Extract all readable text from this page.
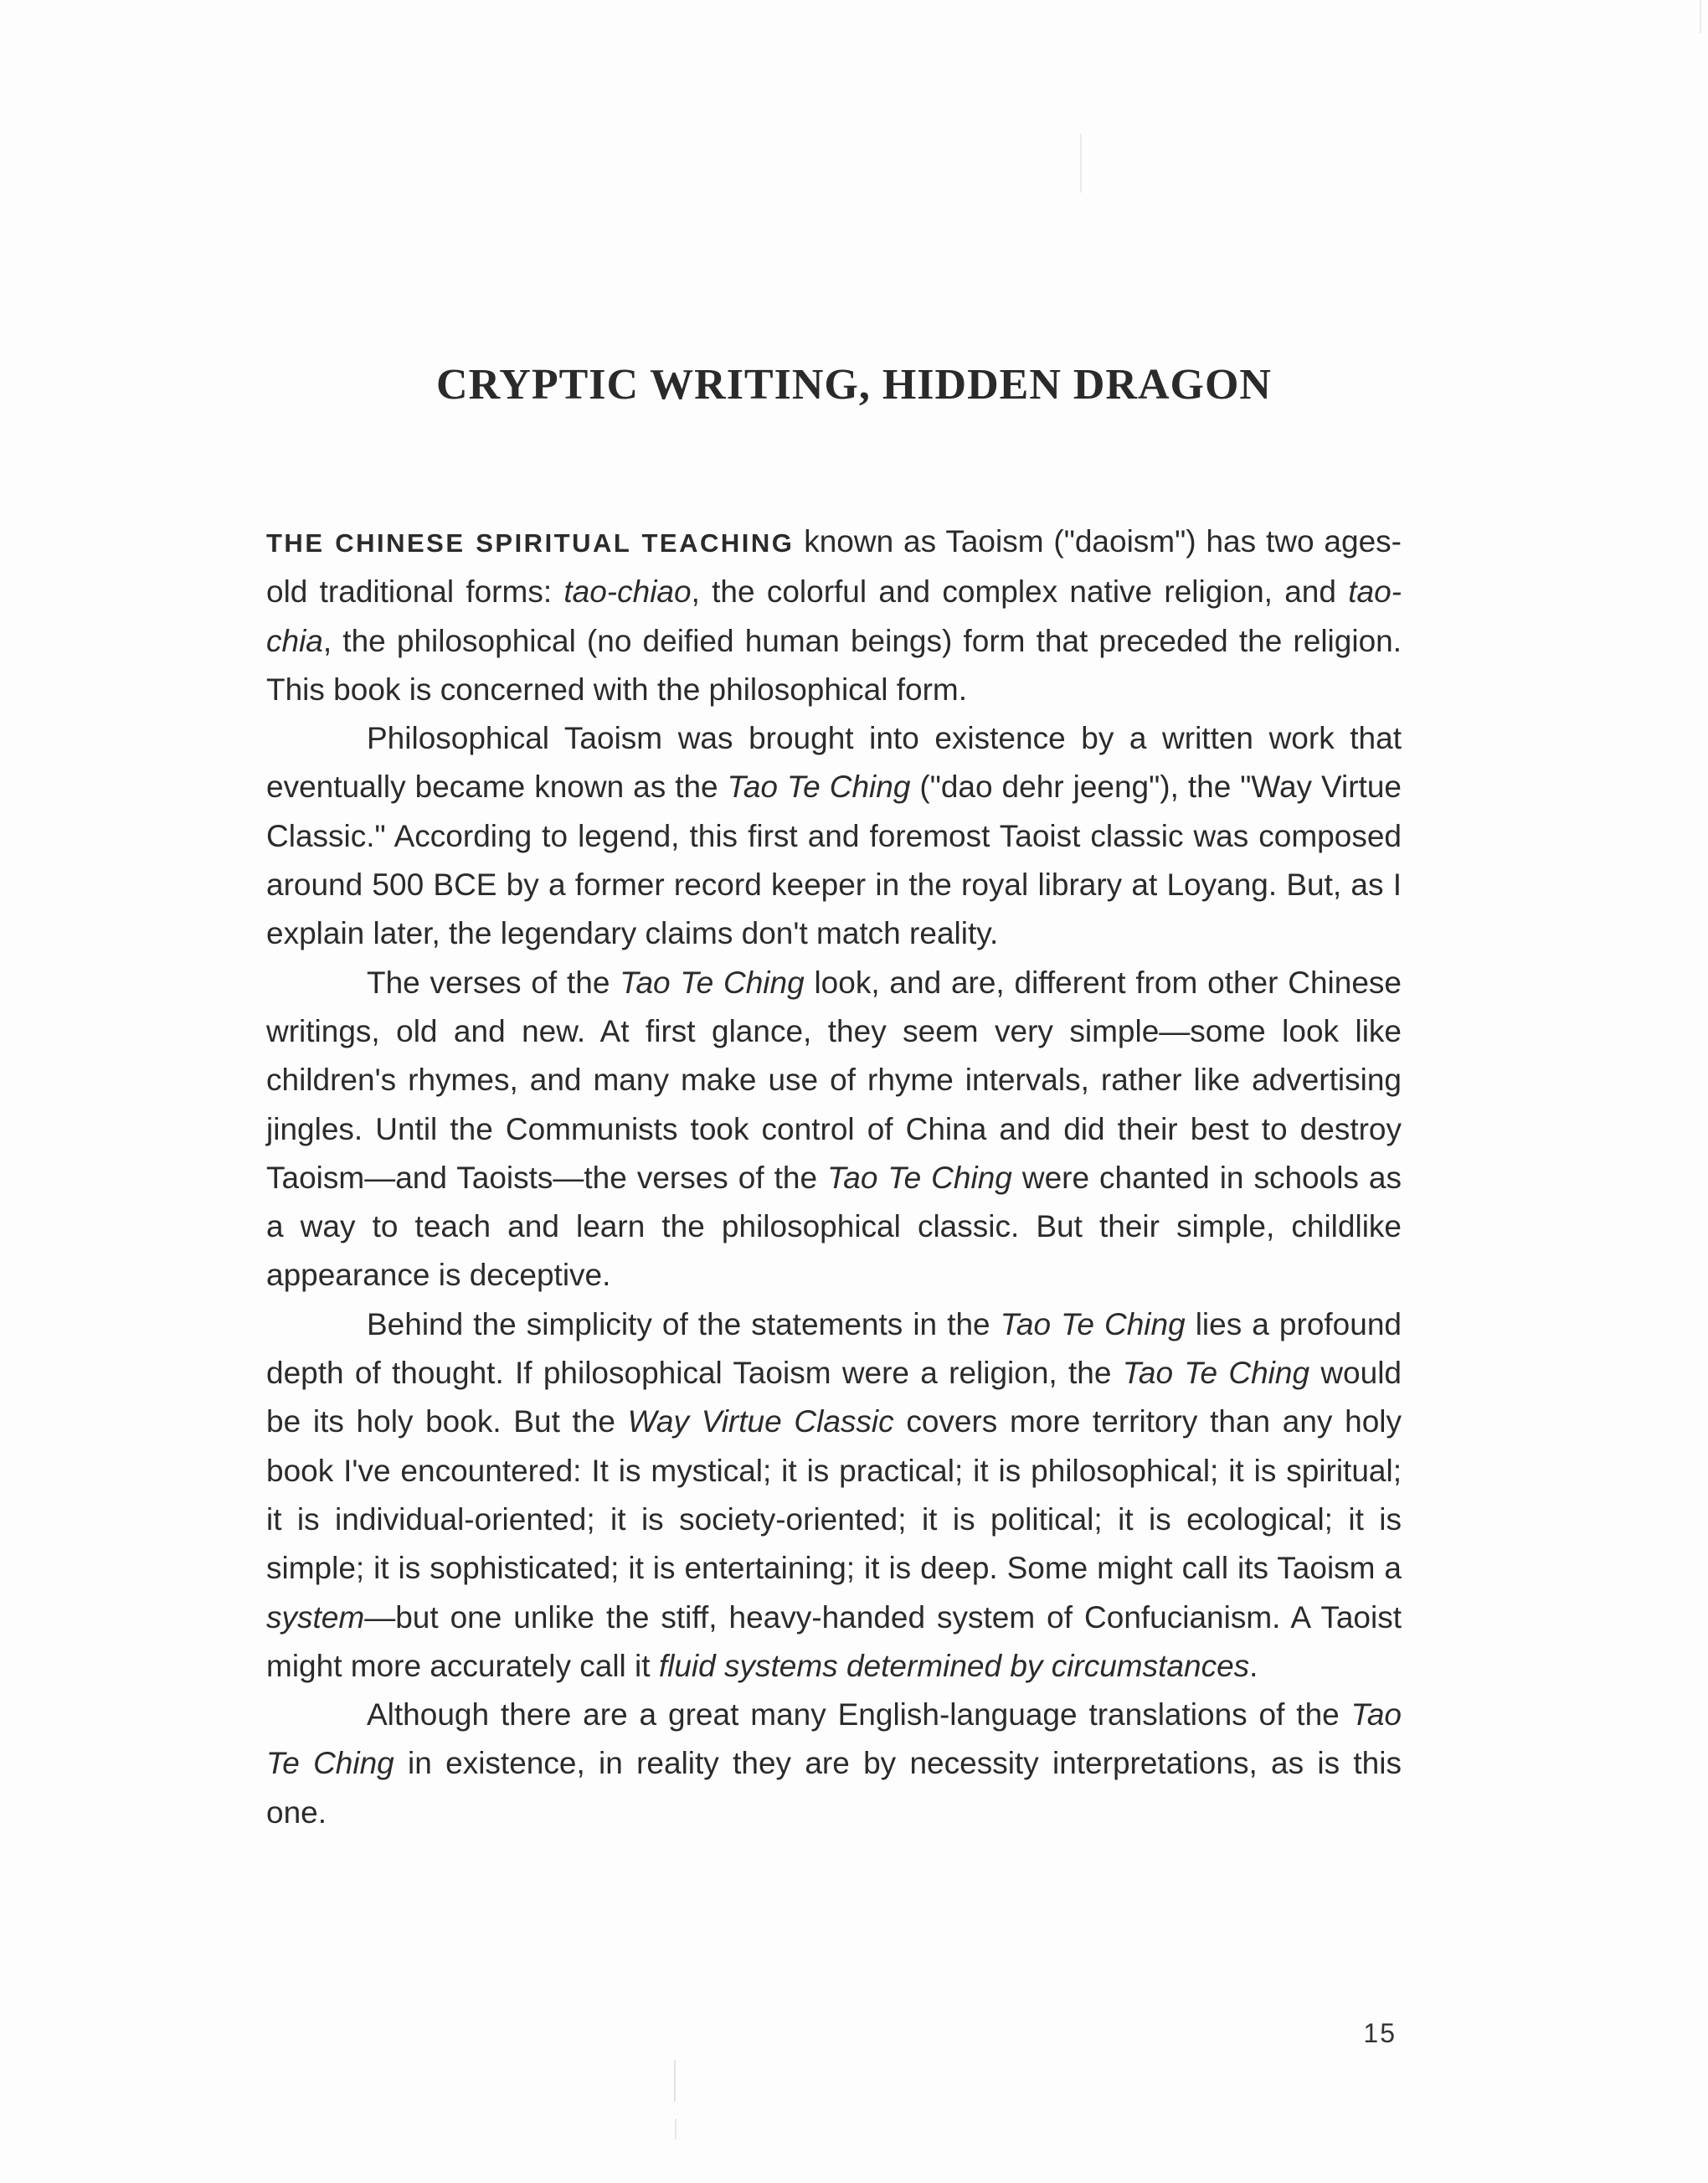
CRYPTIC WRITING, HIDDEN DRAGON

THE CHINESE SPIRITUAL TEACHING known as Taoism ("daoism") has two ages-old traditional forms: tao-chiao, the colorful and complex native religion, and tao-chia, the philosophical (no deified human beings) form that preceded the religion. This book is concerned with the philosophical form.

Philosophical Taoism was brought into existence by a written work that eventually became known as the Tao Te Ching ("dao dehr jeeng"), the "Way Virtue Classic." According to legend, this first and foremost Taoist classic was composed around 500 BCE by a former record keeper in the royal library at Loyang. But, as I explain later, the legendary claims don't match reality.

The verses of the Tao Te Ching look, and are, different from other Chinese writings, old and new. At first glance, they seem very simple—some look like children's rhymes, and many make use of rhyme intervals, rather like advertising jingles. Until the Communists took control of China and did their best to destroy Taoism—and Taoists—the verses of the Tao Te Ching were chanted in schools as a way to teach and learn the philosophical classic. But their simple, childlike appearance is deceptive.

Behind the simplicity of the statements in the Tao Te Ching lies a profound depth of thought. If philosophical Taoism were a religion, the Tao Te Ching would be its holy book. But the Way Virtue Classic covers more territory than any holy book I've encountered: It is mystical; it is practical; it is philosophical; it is spiritual; it is individual-oriented; it is society-oriented; it is political; it is ecological; it is simple; it is sophisticated; it is entertaining; it is deep. Some might call its Taoism a system—but one unlike the stiff, heavy-handed system of Confucianism. A Taoist might more accurately call it fluid systems determined by circumstances.

Although there are a great many English-language translations of the Tao Te Ching in existence, in reality they are by necessity interpretations, as is this one.

15
